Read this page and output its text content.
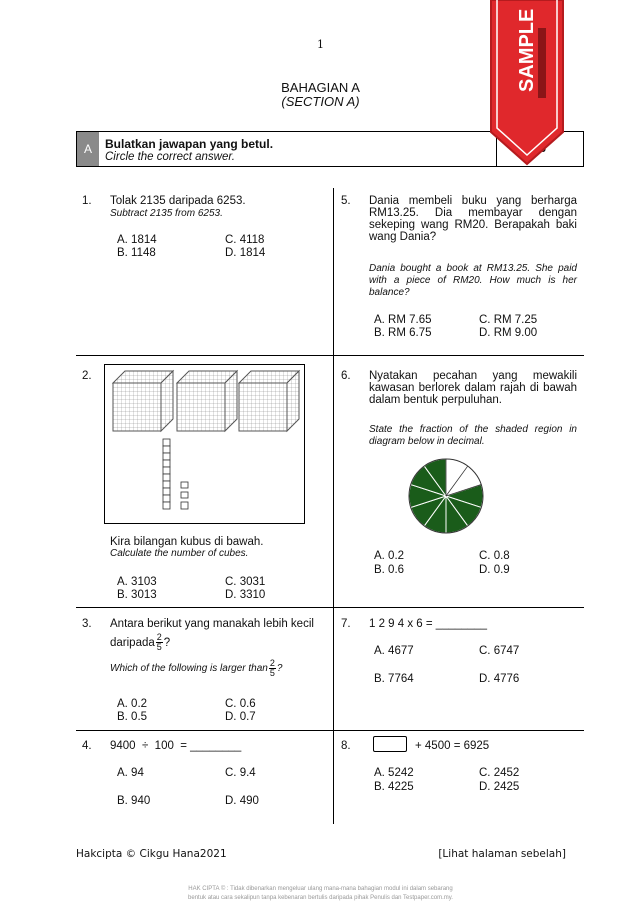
1
BAHAGIAN A
(SECTION A)
A	Bulatkan jawapan yang betul.
Circle the correct answer.
SAMPLE
1. Tolak 2135 daripada 6253.
Subtract 2135 from 6253.
A. 1814
B. 1148
C. 4118
D. 1814
5. Dania membeli buku yang berharga
RM13.25. Dia membayar dengan
sekeping wang RM20. Berapakah baki
wang Dania?
Dania bought a book at RM13.25. She paid
with a piece of RM20. How much is her
balance?
A. RM 7.65
B. RM 6.75
C. RM 7.25
D. RM 9.00
2.
Kira bilangan kubus di bawah.
Calculate the number of cubes.
A. 3103
B. 3013
C. 3031
D. 3310
6. Nyatakan pecahan yang mewakili
kawasan berlorek dalam rajah di bawah
dalam bentuk perpuluhan.
State the fraction of the shaded region in
diagram below in decimal.
A. 0.2
B. 0.6
C. 0.8
D. 0.9
3. Antara berikut yang manakah lebih kecil
daripada $\frac{2}{5}$ ?
Which of the following is larger than $\frac{2}{5}$ ?
A. 0.2
B. 0.5
C. 0.6
D. 0.7
7. 1 2 9 4 x 6 = ________
A. 4677
B. 7764
C. 6747
D. 4776
4. 9400  ÷  100  = ________
A. 94
B. 940
C. 9.4
D. 490
8.	+ 4500 = 6925
A. 5242
B. 4225
C. 2452
D. 2425
Hakcipta © Cikgu Hana2021	[Lihat halaman sebelah]
HAK CIPTA © : Tidak dibenarkan mengeluar ulang mana-mana bahagian modul ini dalam sebarang
bentuk atau cara sekalipun tanpa kebenaran bertulis daripada pihak Penulis dan Testpaper.com.my.
